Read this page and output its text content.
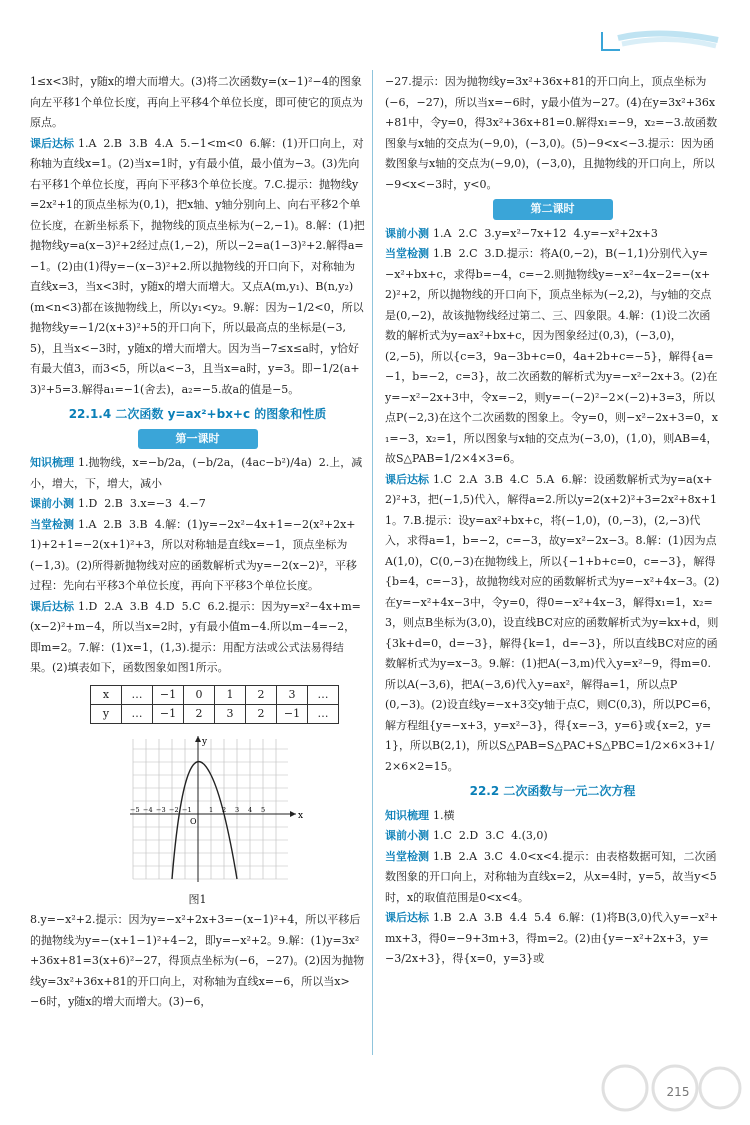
1≤x<3时，y随x的增大而增大。(3)将二次函数y=(x−1)²−4的图象向左平移1个单位长度，再向上平移4个单位长度，即可使它的顶点为原点。

课后达标 1.A  2.B  3.B  4.A  5.−1<m<0  6.解：(1)开口向上，对称轴为直线x=1。(2)当x=1时，y有最小值，最小值为−3。(3)先向右平移1个单位长度，再向下平移3个单位长度。7.C.提示：抛物线y=2x²+1的顶点坐标为(0,1)，把x轴、y轴分别向上、向右平移2个单位长度，在新坐标系下，抛物线的顶点坐标为(−2,−1)。8.解：(1)把抛物线y=a(x−3)²+2经过点(1,−2)，所以−2=a(1−3)²+2.解得a=−1。(2)由(1)得y=−(x−3)²+2.所以抛物线的开口向下，对称轴为直线x=3，当x<3时，y随x的增大而增大。又点A(m,y₁)、B(n,y₂)(m<n<3)都在该抛物线上，所以y₁<y₂。9.解：因为−1/2<0，所以抛物线y=−1/2(x+3)²+5的开口向下，所以最高点的坐标是(−3,5)，且当x<−3时，y随x的增大而增大。因为当−7≤x≤a时，y恰好有最大值3，而3<5，所以a<−3，且当x=a时，y=3。即−1/2(a+3)²+5=3.解得a₁=−1(舍去)，a₂=−5.故a的值是−5。

22.1.4 二次函数 y=ax²+bx+c 的图象和性质
第一课时

知识梳理 1.抛物线，x=−b/2a，(−b/2a，(4ac−b²)/4a)  2.上，减小，增大，下，增大，减小

课前小测 1.D  2.B  3.x=−3  4.−7

当堂检测 1.A  2.B  3.B  4.解：(1)y=−2x²−4x+1=−2(x²+2x+1)+2+1=−2(x+1)²+3，所以对称轴是直线x=−1，顶点坐标为(−1,3)。(2)所得新抛物线对应的函数解析式为y=−2(x−2)²，平移过程：先向右平移3个单位长度，再向下平移3个单位长度。

课后达标 1.D  2.A  3.B  4.D  5.C  6.2.提示：因为y=x²−4x+m=(x−2)²+m−4，所以当x=2时，y有最小值m−4.所以m−4=−2，即m=2。7.解：(1)x=1，(1,3).提示：用配方法或公式法易得结果。(2)填表如下，函数图象如图1所示。

x	…	−1	0	1	2	3	…
y	…	−1	2	3	2	−1	…
y
x
O
−5 −4 −3 −2 −1	1 2 3 4 5
图1

8.y=−x²+2.提示：因为y=−x²+2x+3=−(x−1)²+4，所以平移后的抛物线为y=−(x+1−1)²+4−2，即y=−x²+2。9.解：(1)y=3x²+36x+81=3(x+6)²−27，得顶点坐标为(−6，−27)。(2)因为抛物线y=3x²+36x+81的开口向上，对称轴为直线x=−6，所以当x>−6时，y随x的增大而增大。(3)−6，

−27.提示：因为抛物线y=3x²+36x+81的开口向上，顶点坐标为(−6，−27)，所以当x=−6时，y最小值为−27。(4)在y=3x²+36x+81中，令y=0，得3x²+36x+81=0.解得x₁=−9，x₂=−3.故函数图象与x轴的交点为(−9,0)，(−3,0)。(5)−9<x<−3.提示：因为函数图象与x轴的交点为(−9,0)，(−3,0)，且抛物线的开口向上，所以−9<x<−3时，y<0。

第二课时

课前小测 1.A  2.C  3.y=x²−7x+12  4.y=−x²+2x+3

当堂检测 1.B  2.C  3.D.提示：将A(0,−2)，B(−1,1)分别代入y=−x²+bx+c，求得b=−4，c=−2.则抛物线y=−x²−4x−2=−(x+2)²+2，所以抛物线的开口向下，顶点坐标为(−2,2)，与y轴的交点是(0,−2)，故该抛物线经过第二、三、四象限。4.解：(1)设二次函数的解析式为y=ax²+bx+c，因为图象经过(0,3)，(−3,0)，(2,−5)，所以{c=3，9a−3b+c=0，4a+2b+c=−5}，解得{a=−1，b=−2，c=3}，故二次函数的解析式为y=−x²−2x+3。(2)在y=−x²−2x+3中，令x=−2，则y=−(−2)²−2×(−2)+3=3，所以点P(−2,3)在这个二次函数的图象上。令y=0，则−x²−2x+3=0，x₁=−3，x₂=1，所以图象与x轴的交点为(−3,0)，(1,0)，则AB=4，故S△PAB=1/2×4×3=6。

课后达标 1.C  2.A  3.B  4.C  5.A  6.解：设函数解析式为y=a(x+2)²+3，把(−1,5)代入，解得a=2.所以y=2(x+2)²+3=2x²+8x+11。7.B.提示：设y=ax²+bx+c，将(−1,0)，(0,−3)，(2,−3)代入，求得a=1，b=−2，c=−3，故y=x²−2x−3。8.解：(1)因为点A(1,0)，C(0,−3)在抛物线上，所以{−1+b+c=0，c=−3}，解得{b=4，c=−3}，故抛物线对应的函数解析式为y=−x²+4x−3。(2)在y=−x²+4x−3中，令y=0，得0=−x²+4x−3，解得x₁=1，x₂=3，则点B坐标为(3,0)，设直线BC对应的函数解析式为y=kx+d，则{3k+d=0，d=−3}，解得{k=1，d=−3}，所以直线BC对应的函数解析式为y=x−3。9.解：(1)把A(−3,m)代入y=x²−9，得m=0.所以A(−3,6)，把A(−3,6)代入y=ax²，解得a=1，所以点P(0,−3)。(2)设直线y=−x+3交y轴于点C，则C(0,3)，所以PC=6，解方程组{y=−x+3，y=x²−3}，得{x=−3，y=6}或{x=2，y=1}，所以B(2,1)，所以S△PAB=S△PAC+S△PBC=1/2×6×3+1/2×6×2=15。

22.2 二次函数与一元二次方程

知识梳理 1.横

课前小测 1.C  2.D  3.C  4.(3,0)

当堂检测 1.B  2.A  3.C  4.0<x<4.提示：由表格数据可知，二次函数图象的开口向上，对称轴为直线x=2，从x=4时，y=5，故当y<5时，x的取值范围是0<x<4。

课后达标 1.B  2.A  3.B  4.4  5.4  6.解：(1)将B(3,0)代入y=−x²+mx+3，得0=−9+3m+3，得m=2。(2)由{y=−x²+2x+3，y=−3/2x+3}，得{x=0，y=3}或

215
